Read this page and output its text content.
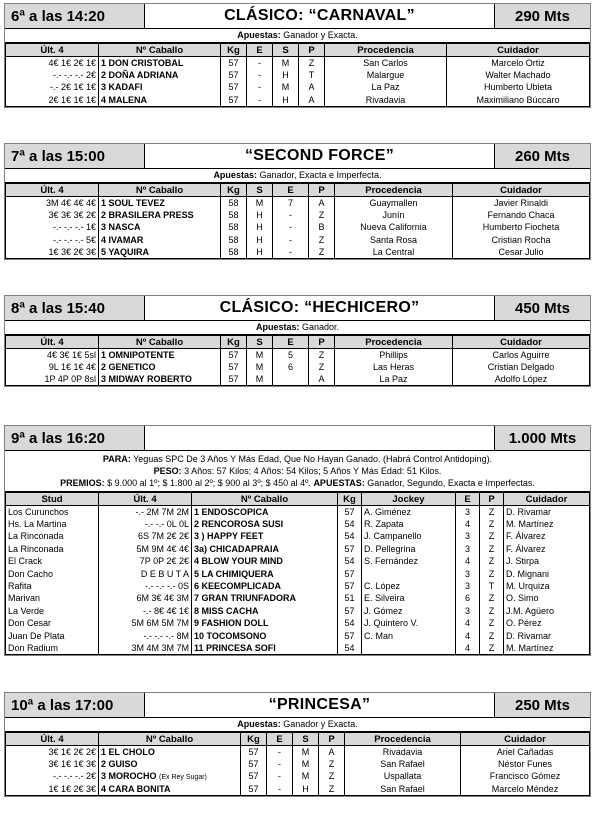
6ª a las 14:20	CLÁSICO: “CARNAVAL”	290 Mts
Apuestas: Ganador y Exacta.
Últ. 4	Nº Caballo	Kg	E	S	P	Procedencia	Cuidador
4€ 1€ 2€ 1€	1 DON CRISTOBAL	57	-	M	Z	San Carlos	Marcelo Ortiz
-.- -.- -.- 2€	2 DOÑA ADRIANA	57	-	H	T	Malargue	Walter Machado
-.- 2€ 1€ 1€	3 KADAFI	57	-	M	A	La Paz	Humberto Ubieta
2€ 1€ 1€ 1€	4 MALENA	57	-	H	A	Rivadavia	Maximiliano Búccaro
7ª a las 15:00	“SECOND FORCE”	260 Mts
Apuestas: Ganador, Exacta e Imperfecta.
Últ. 4	Nº Caballo	Kg	S	E	P	Procedencia	Cuidador
3M 4€ 4€ 4€	1 SOUL TEVEZ	58	M	7	A	Guaymallen	Javier Rinaldi
3€ 3€ 3€ 2€	2 BRASILERA PRESS	58	H	-	Z	Junín	Fernando Chaca
-.- -.- -.- 1€	3 NASCA	58	H	-	B	Nueva California	Humberto Fiocheta
-.- -.- -.- 5€	4 IVAMAR	58	H	-	Z	Santa Rosa	Cristian Rocha
1€ 3€ 2€ 3€	5 YAQUIRA	58	H	-	Z	La Central	Cesar Julio
8ª a las 15:40	CLÁSICO: “HECHICERO”	450 Mts
Apuestas: Ganador.
Últ. 4	Nº Caballo	Kg	S	E	P	Procedencia	Cuidador
4€ 3€ 1€ 5sl	1 OMNIPOTENTE	57	M	5	Z	Phillips	Carlos Aguirre
9L 1€ 1€ 4€	2 GENETICO	57	M	6	Z	Las Heras	Cristian Delgado
1P 4P 0P 8sl	3 MIDWAY ROBERTO	57	M		A	La Paz	Adolfo López
9ª a las 16:20	1.000 Mts
PARA: Yeguas SPC De 3 Años Y Más Edad, Que No Hayan Ganado. (Habrá Control Antidoping).
PESO: 3 Años: 57 Kilos; 4 Años: 54 Kilos; 5 Años Y Más Edad: 51 Kilos.
PREMIOS: $ 9.000 al 1º; $ 1.800 al 2º; $ 900 al 3º; $ 450 al 4º. APUESTAS: Ganador, Segundo, Exacta e Imperfectas.
Stud	Últ. 4	Nº Caballo	Kg	Jockey	E	P	Cuidador
Los Curunchos	-.- 2M 7M 2M	1 ENDOSCOPICA	57	A. Giménez	3	Z	D. Rivamar
Hs. La Martina	-.- -.- 0L 0L	2 RENCOROSA SUSI	54	R. Zapata	4	Z	M. Martínez
La Rinconada	6S 7M 2€ 2€	3 ) HAPPY FEET	54	J. Campanello	3	Z	F. Álvarez
La Rinconada	5M 9M 4€ 4€	3a) CHICADAPRAIA	57	D. Pellegrina	3	Z	F. Álvarez
El Crack	7P 0P 2€ 2€	4 BLOW YOUR MIND	54	S. Fernández	4	Z	J. Stirpa
Don Cacho	D E B U T A	5 LA CHIMIQUERA	57		3	Z	D. Mignani
Rafita	-.- -.- -.- 0S	6 KEECOMPLICADA	57	C. López	3	T	M. Urquiza
Marivan	6M 3€ 4€ 3M	7 GRAN TRIUNFADORA	51	E. Silveira	6	Z	O. Simo
La Verde	-.- 8€ 4€ 1€	8 MISS CACHA	57	J. Gómez	3	Z	J.M. Agüero
Don Cesar	5M 6M 5M 7M	9 FASHION DOLL	54	J. Quintero V.	4	Z	O. Pérez
Juan De Plata	-.- -.- -.- 8M	10 TOCOMSONO	57	C. Man	4	Z	D. Rivamar
Don Radium	3M 4M 3M 7M	11 PRINCESA SOFI	54		4	Z	M. Martínez
10ª a las 17:00	“PRINCESA”	250 Mts
Apuestas: Ganador y Exacta.
Últ. 4	Nº Caballo	Kg	E	S	P	Procedencia	Cuidador
3€ 1€ 2€ 2€	1 EL CHOLO	57	-	M	A	Rivadavia	Ariel Cañadas
3€ 1€ 1€ 3€	2 GUISO	57	-	M	Z	San Rafael	Néstor Funes
-.- -.- -.- 2€	3 MOROCHO (Ex Rey Sugar)	57	-	M	Z	Uspallata	Francisco Gómez
1€ 1€ 2€ 3€	4 CARA BONITA	57	-	H	Z	San Rafael	Marcelo Méndez
